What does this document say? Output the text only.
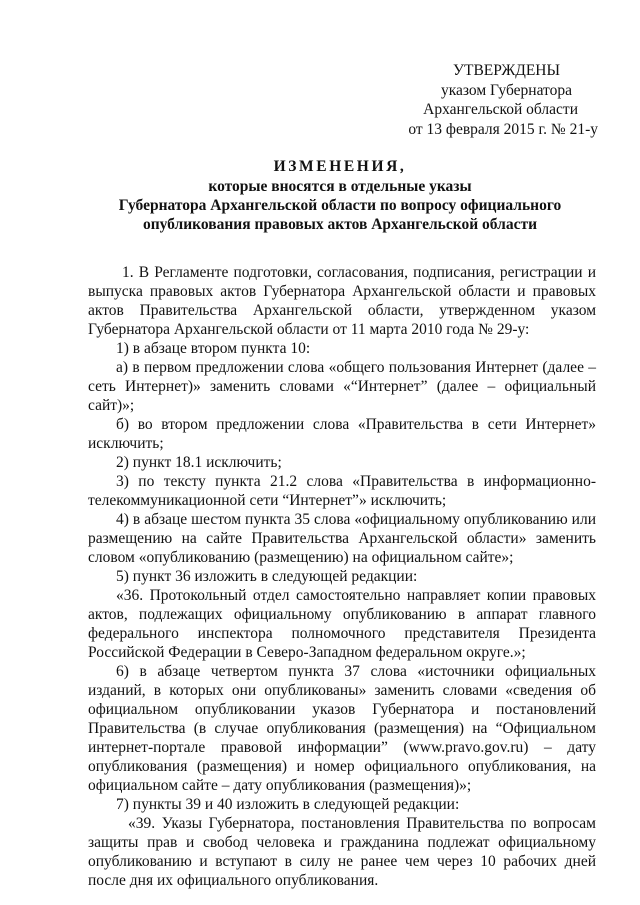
УТВЕРЖДЕНЫ
указом Губернатора
Архангельской области
от 13 февраля 2015 г. № 21-у
ИЗМЕНЕНИЯ,
которые вносятся в отдельные указы
Губернатора Архангельской области по вопросу официального
опубликования правовых актов Архангельской области

1. В Регламенте подготовки, согласования, подписания, регистрации и выпуска правовых актов Губернатора Архангельской области и правовых актов Правительства Архангельской области, утвержденном указом Губернатора Архангельской области от 11 марта 2010 года № 29-у:

1) в абзаце втором пункта 10:

а) в первом предложении слова «общего пользования Интернет (далее – сеть Интернет)» заменить словами «“Интернет” (далее – официальный сайт)»;

б) во втором предложении слова «Правительства в сети Интернет» исключить;

2) пункт 18.1 исключить;

3) по тексту пункта 21.2 слова «Правительства в информационно-телекоммуникационной сети “Интернет”» исключить;

4) в абзаце шестом пункта 35 слова «официальному опубликованию или размещению на сайте Правительства Архангельской области» заменить словом «опубликованию (размещению) на официальном сайте»;

5) пункт 36 изложить в следующей редакции:

«36. Протокольный отдел самостоятельно направляет копии правовых актов, подлежащих официальному опубликованию в аппарат главного федерального инспектора полномочного представителя Президента Российской Федерации в Северо-Западном федеральном округе.»;

6) в абзаце четвертом пункта 37 слова «источники официальных изданий, в которых они опубликованы» заменить словами «сведения об официальном опубликовании указов Губернатора и постановлений Правительства (в случае опубликования (размещения) на “Официальном интернет-портале правовой информации” (www.pravo.gov.ru) – дату опубликования (размещения) и номер официального опубликования, на официальном сайте – дату опубликования (размещения)»;

7) пункты 39 и 40 изложить в следующей редакции:

«39. Указы Губернатора, постановления Правительства по вопросам защиты прав и свобод человека и гражданина подлежат официальному опубликованию и вступают в силу не ранее чем через 10 рабочих дней после дня их официального опубликования.
